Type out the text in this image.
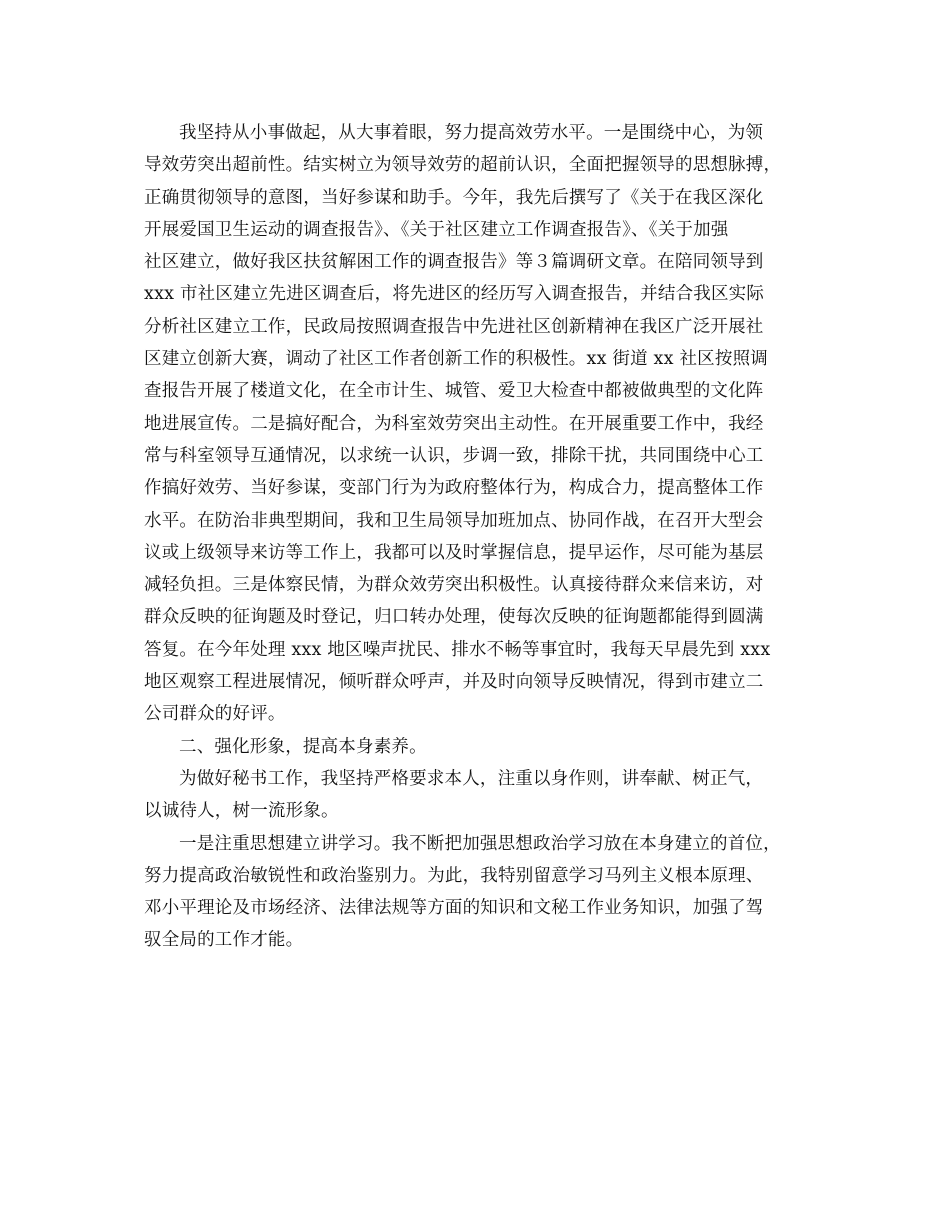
我坚持从小事做起，从大事着眼，努力提高效劳水平。一是围绕中心，为领

导效劳突出超前性。结实树立为领导效劳的超前认识，全面把握领导的思想脉搏，

正确贯彻领导的意图，当好参谋和助手。今年，我先后撰写了《关于在我区深化

开展爱国卫生运动的调查报告》、《关于社区建立工作调查报告》、《关于加强

社区建立，做好我区扶贫解困工作的调查报告》等３篇调研文章。在陪同领导到

xxx 市社区建立先进区调查后，将先进区的经历写入调查报告，并结合我区实际

分析社区建立工作，民政局按照调查报告中先进社区创新精神在我区广泛开展社

区建立创新大赛，调动了社区工作者创新工作的积极性。xx 街道 xx 社区按照调

查报告开展了楼道文化，在全市计生、城管、爱卫大检查中都被做典型的文化阵

地进展宣传。二是搞好配合，为科室效劳突出主动性。在开展重要工作中，我经

常与科室领导互通情况，以求统一认识，步调一致，排除干扰，共同围绕中心工

作搞好效劳、当好参谋，变部门行为为政府整体行为，构成合力，提高整体工作

水平。在防治非典型期间，我和卫生局领导加班加点、协同作战，在召开大型会

议或上级领导来访等工作上，我都可以及时掌握信息，提早运作，尽可能为基层

减轻负担。三是体察民情，为群众效劳突出积极性。认真接待群众来信来访，对

群众反映的征询题及时登记，归口转办处理，使每次反映的征询题都能得到圆满

答复。在今年处理 xxx 地区噪声扰民、排水不畅等事宜时，我每天早晨先到 xxx

地区观察工程进展情况，倾听群众呼声，并及时向领导反映情况，得到市建立二

公司群众的好评。

二、强化形象，提高本身素养。

为做好秘书工作，我坚持严格要求本人，注重以身作则，讲奉献、树正气，

以诚待人，树一流形象。

一是注重思想建立讲学习。我不断把加强思想政治学习放在本身建立的首位，

努力提高政治敏锐性和政治鉴别力。为此，我特别留意学习马列主义根本原理、

邓小平理论及市场经济、法律法规等方面的知识和文秘工作业务知识，加强了驾

驭全局的工作才能。
